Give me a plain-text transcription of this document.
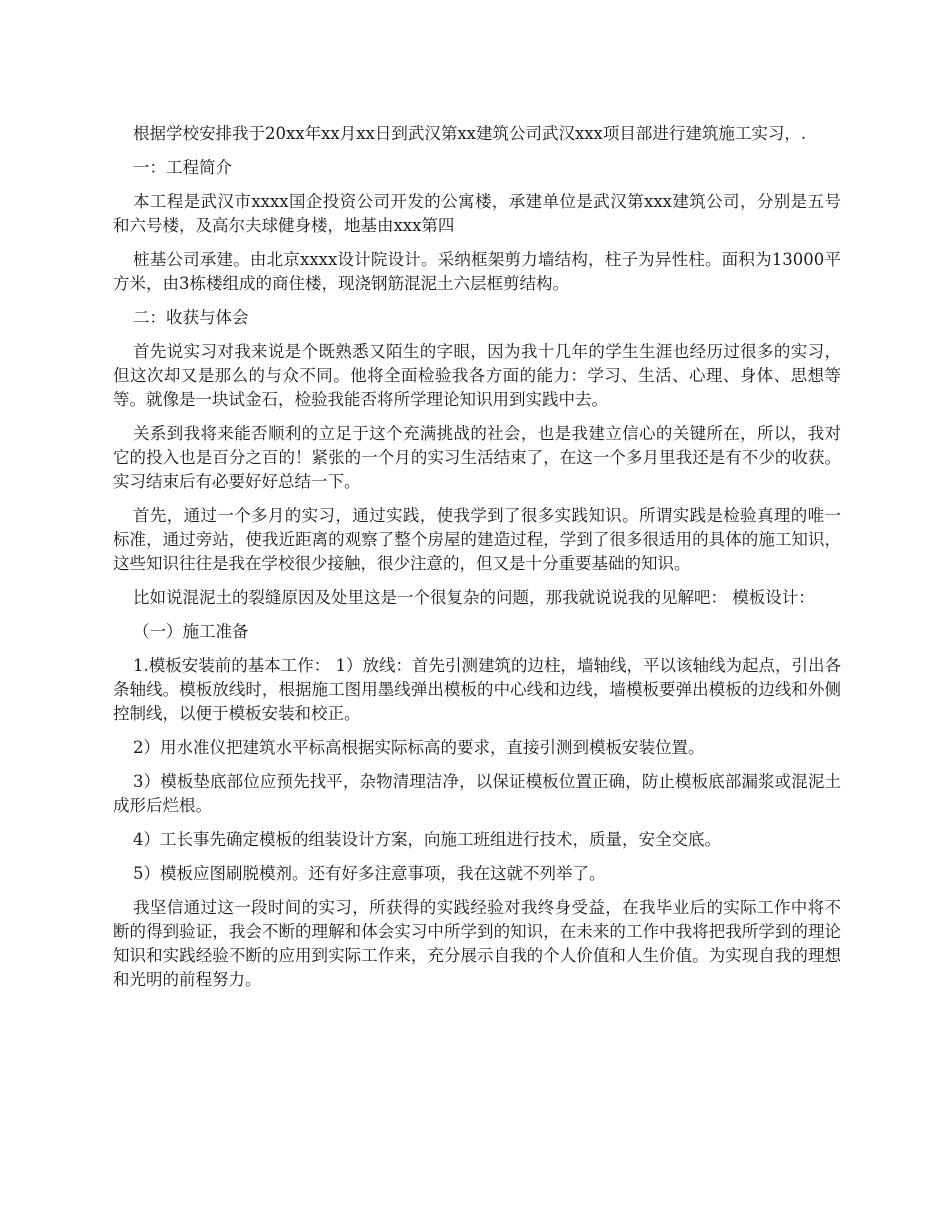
根据学校安排我于20xx年xx月xx日到武汉第xx建筑公司武汉xxx项目部进行建筑施工实习，.

一：工程简介

本工程是武汉市xxxx国企投资公司开发的公寓楼，承建单位是武汉第xxx建筑公司，分别是五号和六号楼，及高尔夫球健身楼，地基由xxx第四

桩基公司承建。由北京xxxx设计院设计。采纳框架剪力墙结构，柱子为异性柱。面积为13000平方米，由3栋楼组成的商住楼，现浇钢筋混泥土六层框剪结构。

二：收获与体会

首先说实习对我来说是个既熟悉又陌生的字眼，因为我十几年的学生生涯也经历过很多的实习，但这次却又是那么的与众不同。他将全面检验我各方面的能力：学习、生活、心理、身体、思想等等。就像是一块试金石，检验我能否将所学理论知识用到实践中去。

关系到我将来能否顺利的立足于这个充满挑战的社会，也是我建立信心的关键所在，所以，我对它的投入也是百分之百的！紧张的一个月的实习生活结束了，在这一个多月里我还是有不少的收获。实习结束后有必要好好总结一下。

首先，通过一个多月的实习，通过实践，使我学到了很多实践知识。所谓实践是检验真理的唯一标准，通过旁站，使我近距离的观察了整个房屋的建造过程，学到了很多很适用的具体的施工知识，这些知识往往是我在学校很少接触，很少注意的，但又是十分重要基础的知识。

比如说混泥土的裂缝原因及处里这是一个很复杂的问题，那我就说说我的见解吧： 模板设计：

（一）施工准备

1.模板安装前的基本工作： 1）放线：首先引测建筑的边柱，墙轴线，平以该轴线为起点，引出各条轴线。模板放线时，根据施工图用墨线弹出模板的中心线和边线，墙模板要弹出模板的边线和外侧控制线，以便于模板安装和校正。

2）用水准仪把建筑水平标高根据实际标高的要求，直接引测到模板安装位置。

3）模板垫底部位应预先找平，杂物清理洁净，以保证模板位置正确，防止模板底部漏浆或混泥土成形后烂根。

4）工长事先确定模板的组装设计方案，向施工班组进行技术，质量，安全交底。

5）模板应图刷脱模剂。还有好多注意事项，我在这就不列举了。

我坚信通过这一段时间的实习，所获得的实践经验对我终身受益，在我毕业后的实际工作中将不断的得到验证，我会不断的理解和体会实习中所学到的知识，在未来的工作中我将把我所学到的理论知识和实践经验不断的应用到实际工作来，充分展示自我的个人价值和人生价值。为实现自我的理想和光明的前程努力。
